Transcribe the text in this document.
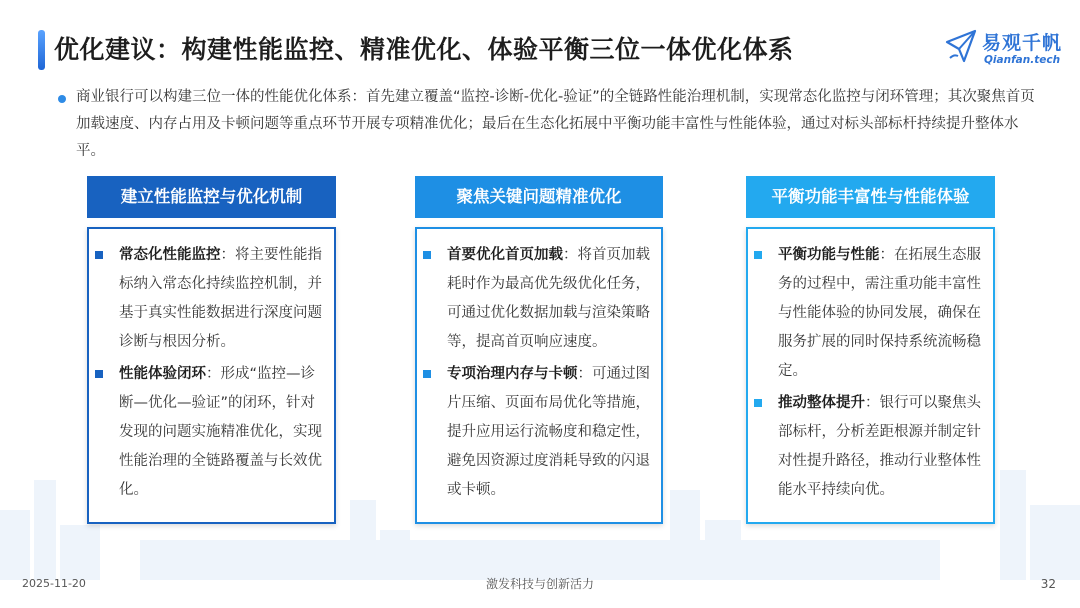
优化建议：构建性能监控、精准优化、体验平衡三位一体优化体系	易观千帆
Qianfan.tech
商业银行可以构建三位一体的性能优化体系：首先建立覆盖“监控-诊断-优化-验证”的全链路性能治理机制，实现常态化监控与闭环管理；其次聚焦首页加载速度、内存占用及卡顿问题等重点环节开展专项精准优化；最后在生态化拓展中平衡功能丰富性与性能体验，通过对标头部标杆持续提升整体水平。
建立性能监控与优化机制
常态化性能监控：将主要性能指标纳入常态化持续监控机制，并基于真实性能数据进行深度问题诊断与根因分析。
性能体验闭环：形成“监控—诊断—优化—验证”的闭环，针对发现的问题实施精准优化，实现性能治理的全链路覆盖与长效优化。
聚焦关键问题精准优化
首要优化首页加载：将首页加载耗时作为最高优先级优化任务，可通过优化数据加载与渲染策略等，提高首页响应速度。
专项治理内存与卡顿：可通过图片压缩、页面布局优化等措施，提升应用运行流畅度和稳定性，避免因资源过度消耗导致的闪退或卡顿。
平衡功能丰富性与性能体验
平衡功能与性能：在拓展生态服务的过程中，需注重功能丰富性与性能体验的协同发展，确保在服务扩展的同时保持系统流畅稳定。
推动整体提升：银行可以聚焦头部标杆，分析差距根源并制定针对性提升路径，推动行业整体性能水平持续向优。
2025-11-20	激发科技与创新活力	32
